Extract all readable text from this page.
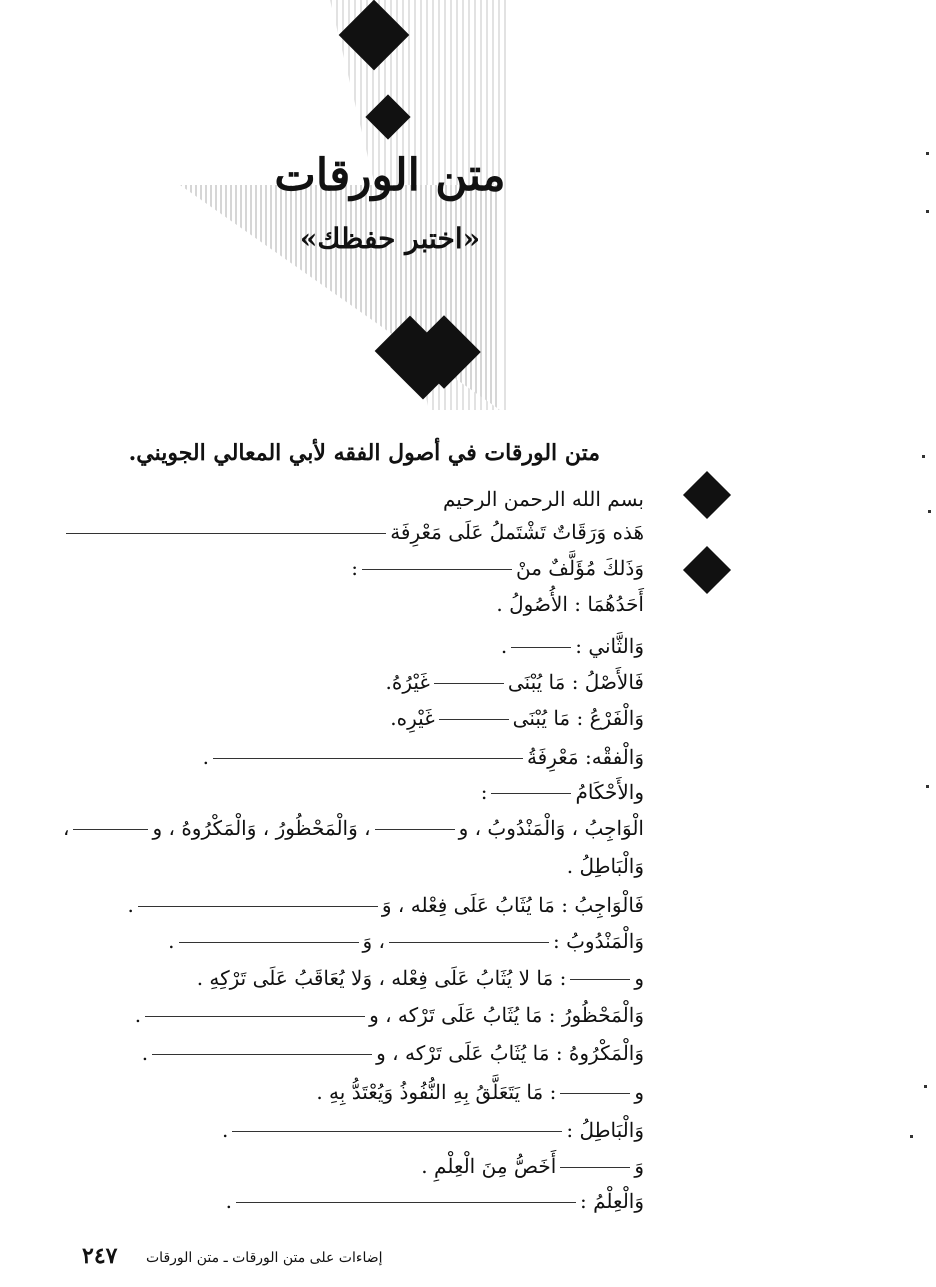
متن الورقات
«اختبر حفظك»
متن الورقات في أصول الفقه لأبي المعالي الجويني.
بسم الله الرحمن الرحيم
هَذه وَرَقَاتٌ تَشْتَملُ عَلَى مَعْرِفَة
وَذَلكَ مُؤَلَّفٌ منْ:
أَحَدُهُمَا : الأُصُولُ .
وَالثَّاني :.
فَالأَصْلُ : مَا يُبْنَىغَيْرُهُ.
وَالْفَرْعُ : مَا يُبْنَىغَيْرِه.
وَالْفقْه: مَعْرِفَةُ.
والأَحْكَامُ:
الْوَاجِبُ ، وَالْمَنْدُوبُ ، و، وَالْمَحْظُورُ ، وَالْمَكْرُوهُ ، و،
وَالْبَاطِلُ .
فَالْوَاجِبُ : مَا يُثَابُ عَلَى فِعْله ، وَ.
وَالْمَنْدُوبُ :، وَ.
و: مَا لا يُثَابُ عَلَى فِعْله ، وَلا يُعَاقَبُ عَلَى تَرْكِهِ .
وَالْمَحْظُورُ : مَا يُثَابُ عَلَى تَرْكه ، و.
وَالْمَكْرُوهُ : مَا يُثَابُ عَلَى تَرْكه ، و.
و: مَا يَتَعَلَّقُ بِهِ النُّفُوذُ وَيُعْتَدُّ بِهِ .
وَالْبَاطِلُ :.
وَأَخَصُّ مِنَ الْعِلْمِ .
وَالْعِلْمُ :.
٢٤٧ إضاءات على متن الورقات ـ متن الورقات
